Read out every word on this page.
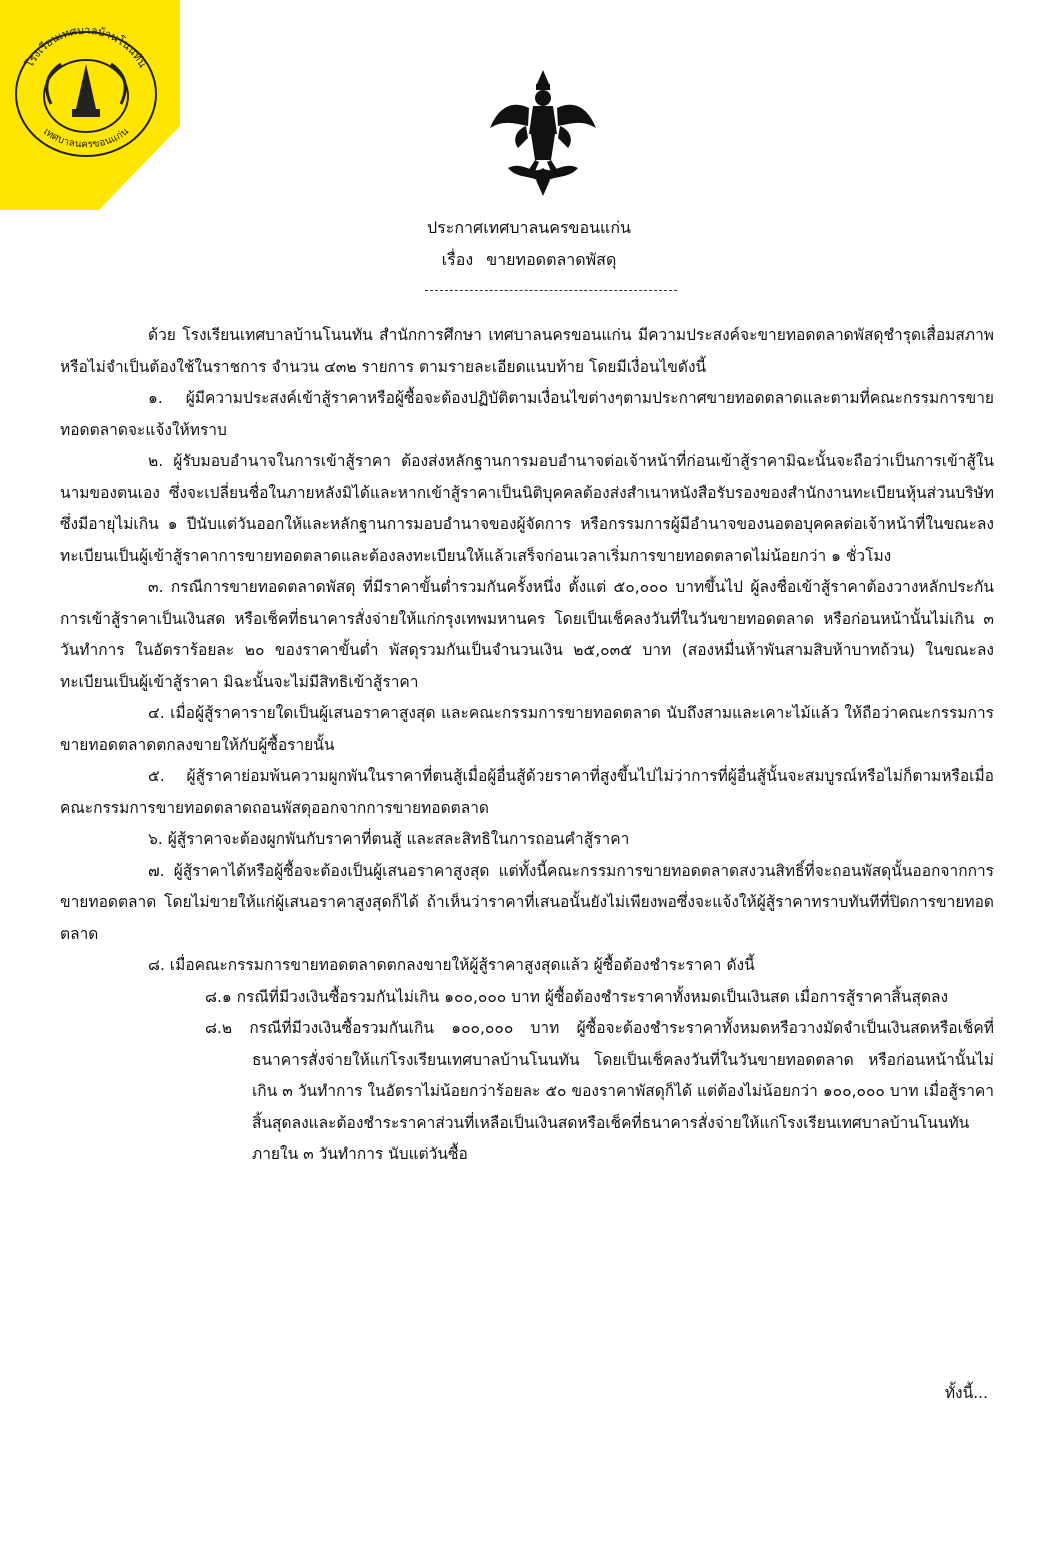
โรงเรียนเทศบาลบ้านโนนทัน
เทศบาลนครขอนแก่น
ประกาศเทศบาลนครขอนแก่น
เรื่อง ขายทอดตลาดพัสดุ

ด้วย โรงเรียนเทศบาลบ้านโนนทัน สำนักการศึกษา เทศบาลนครขอนแก่น มีความประสงค์จะขายทอดตลาดพัสดุชำรุดเสื่อมสภาพหรือไม่จำเป็นต้องใช้ในราชการ จำนวน ๔๓๒ รายการ ตามรายละเอียดแนบท้าย โดยมีเงื่อนไขดังนี้

๑. ผู้มีความประสงค์เข้าสู้ราคาหรือผู้ซื้อจะต้องปฏิบัติตามเงื่อนไขต่างๆตามประกาศขายทอดตลาดและตามที่คณะกรรมการขายทอดตลาดจะแจ้งให้ทราบ

๒. ผู้รับมอบอำนาจในการเข้าสู้ราคา ต้องส่งหลักฐานการมอบอำนาจต่อเจ้าหน้าที่ก่อนเข้าสู้ราคามิฉะนั้นจะถือว่าเป็นการเข้าสู้ในนามของตนเอง ซึ่งจะเปลี่ยนชื่อในภายหลังมิได้และหากเข้าสู้ราคาเป็นนิติบุคคลต้องส่งสำเนาหนังสือรับรองของสำนักงานทะเบียนหุ้นส่วนบริษัท ซึ่งมีอายุไม่เกิน ๑ ปีนับแต่วันออกให้และหลักฐานการมอบอำนาจของผู้จัดการ หรือกรรมการผู้มีอำนาจของนอตอบุคคลต่อเจ้าหน้าที่ในขณะลงทะเบียนเป็นผู้เข้าสู้ราคาการขายทอดตลาดและต้องลงทะเบียนให้แล้วเสร็จก่อนเวลาเริ่มการขายทอดตลาดไม่น้อยกว่า ๑ ชั่วโมง

๓. กรณีการขายทอดตลาดพัสดุ ที่มีราคาขั้นต่ำรวมกันครั้งหนึ่ง ตั้งแต่ ๕๐,๐๐๐ บาทขึ้นไป ผู้ลงชื่อเข้าสู้ราคาต้องวางหลักประกันการเข้าสู้ราคาเป็นเงินสด หรือเช็คที่ธนาคารสั่งจ่ายให้แก่กรุงเทพมหานคร โดยเป็นเช็คลงวันที่ในวันขายทอดตลาด หรือก่อนหน้านั้นไม่เกิน ๓ วันทำการ ในอัตราร้อยละ ๒๐ ของราคาขั้นต่ำ พัสดุรวมกันเป็นจำนวนเงิน ๒๕,๐๓๕ บาท (สองหมื่นห้าพันสามสิบห้าบาทถ้วน) ในขณะลงทะเบียนเป็นผู้เข้าสู้ราคา มิฉะนั้นจะไม่มีสิทธิเข้าสู้ราคา

๔. เมื่อผู้สู้ราคารายใดเป็นผู้เสนอราคาสูงสุด และคณะกรรมการขายทอดตลาด นับถึงสามและเคาะไม้แล้ว ให้ถือว่าคณะกรรมการขายทอดตลาดตกลงขายให้กับผู้ซื้อรายนั้น

๕. ผู้สู้ราคาย่อมพ้นความผูกพันในราคาที่ตนสู้เมื่อผู้อื่นสู้ด้วยราคาที่สูงขึ้นไปไม่ว่าการที่ผู้อื่นสู้นั้นจะสมบูรณ์หรือไม่ก็ตามหรือเมื่อคณะกรรมการขายทอดตลาดถอนพัสดุออกจากการขายทอดตลาด

๖. ผู้สู้ราคาจะต้องผูกพันกับราคาที่ตนสู้ และสละสิทธิในการถอนคำสู้ราคา

๗. ผู้สู้ราคาได้หรือผู้ซื้อจะต้องเป็นผู้เสนอราคาสูงสุด แต่ทั้งนี้คณะกรรมการขายทอดตลาดสงวนสิทธิ์ที่จะถอนพัสดุนั้นออกจากการขายทอดตลาด โดยไม่ขายให้แก่ผู้เสนอราคาสูงสุดก็ได้ ถ้าเห็นว่าราคาที่เสนอนั้นยังไม่เพียงพอซึ่งจะแจ้งให้ผู้สู้ราคาทราบทันทีที่ปิดการขายทอดตลาด

๘. เมื่อคณะกรรมการขายทอดตลาดตกลงขายให้ผู้สู้ราคาสูงสุดแล้ว ผู้ซื้อต้องชำระราคา ดังนี้

๘.๑ กรณีที่มีวงเงินซื้อรวมกันไม่เกิน ๑๐๐,๐๐๐ บาท ผู้ซื้อต้องชำระราคาทั้งหมดเป็นเงินสด เมื่อการสู้ราคาสิ้นสุดลง

๘.๒ กรณีที่มีวงเงินซื้อรวมกันเกิน ๑๐๐,๐๐๐ บาท ผู้ซื้อจะต้องชำระราคาทั้งหมดหรือวางมัดจำเป็นเงินสดหรือเช็คที่ธนาคารสั่งจ่ายให้แก่โรงเรียนเทศบาลบ้านโนนทัน โดยเป็นเช็คลงวันที่ในวันขายทอดตลาด หรือก่อนหน้านั้นไม่เกิน ๓ วันทำการ ในอัตราไม่น้อยกว่าร้อยละ ๕๐ ของราคาพัสดุก็ได้ แต่ต้องไม่น้อยกว่า ๑๐๐,๐๐๐ บาท เมื่อสู้ราคาสิ้นสุดลงและต้องชำระราคาส่วนที่เหลือเป็นเงินสดหรือเช็คที่ธนาคารสั่งจ่ายให้แก่โรงเรียนเทศบาลบ้านโนนทัน ภายใน ๓ วันทำการ นับแต่วันซื้อ

ทั้งนี้...
